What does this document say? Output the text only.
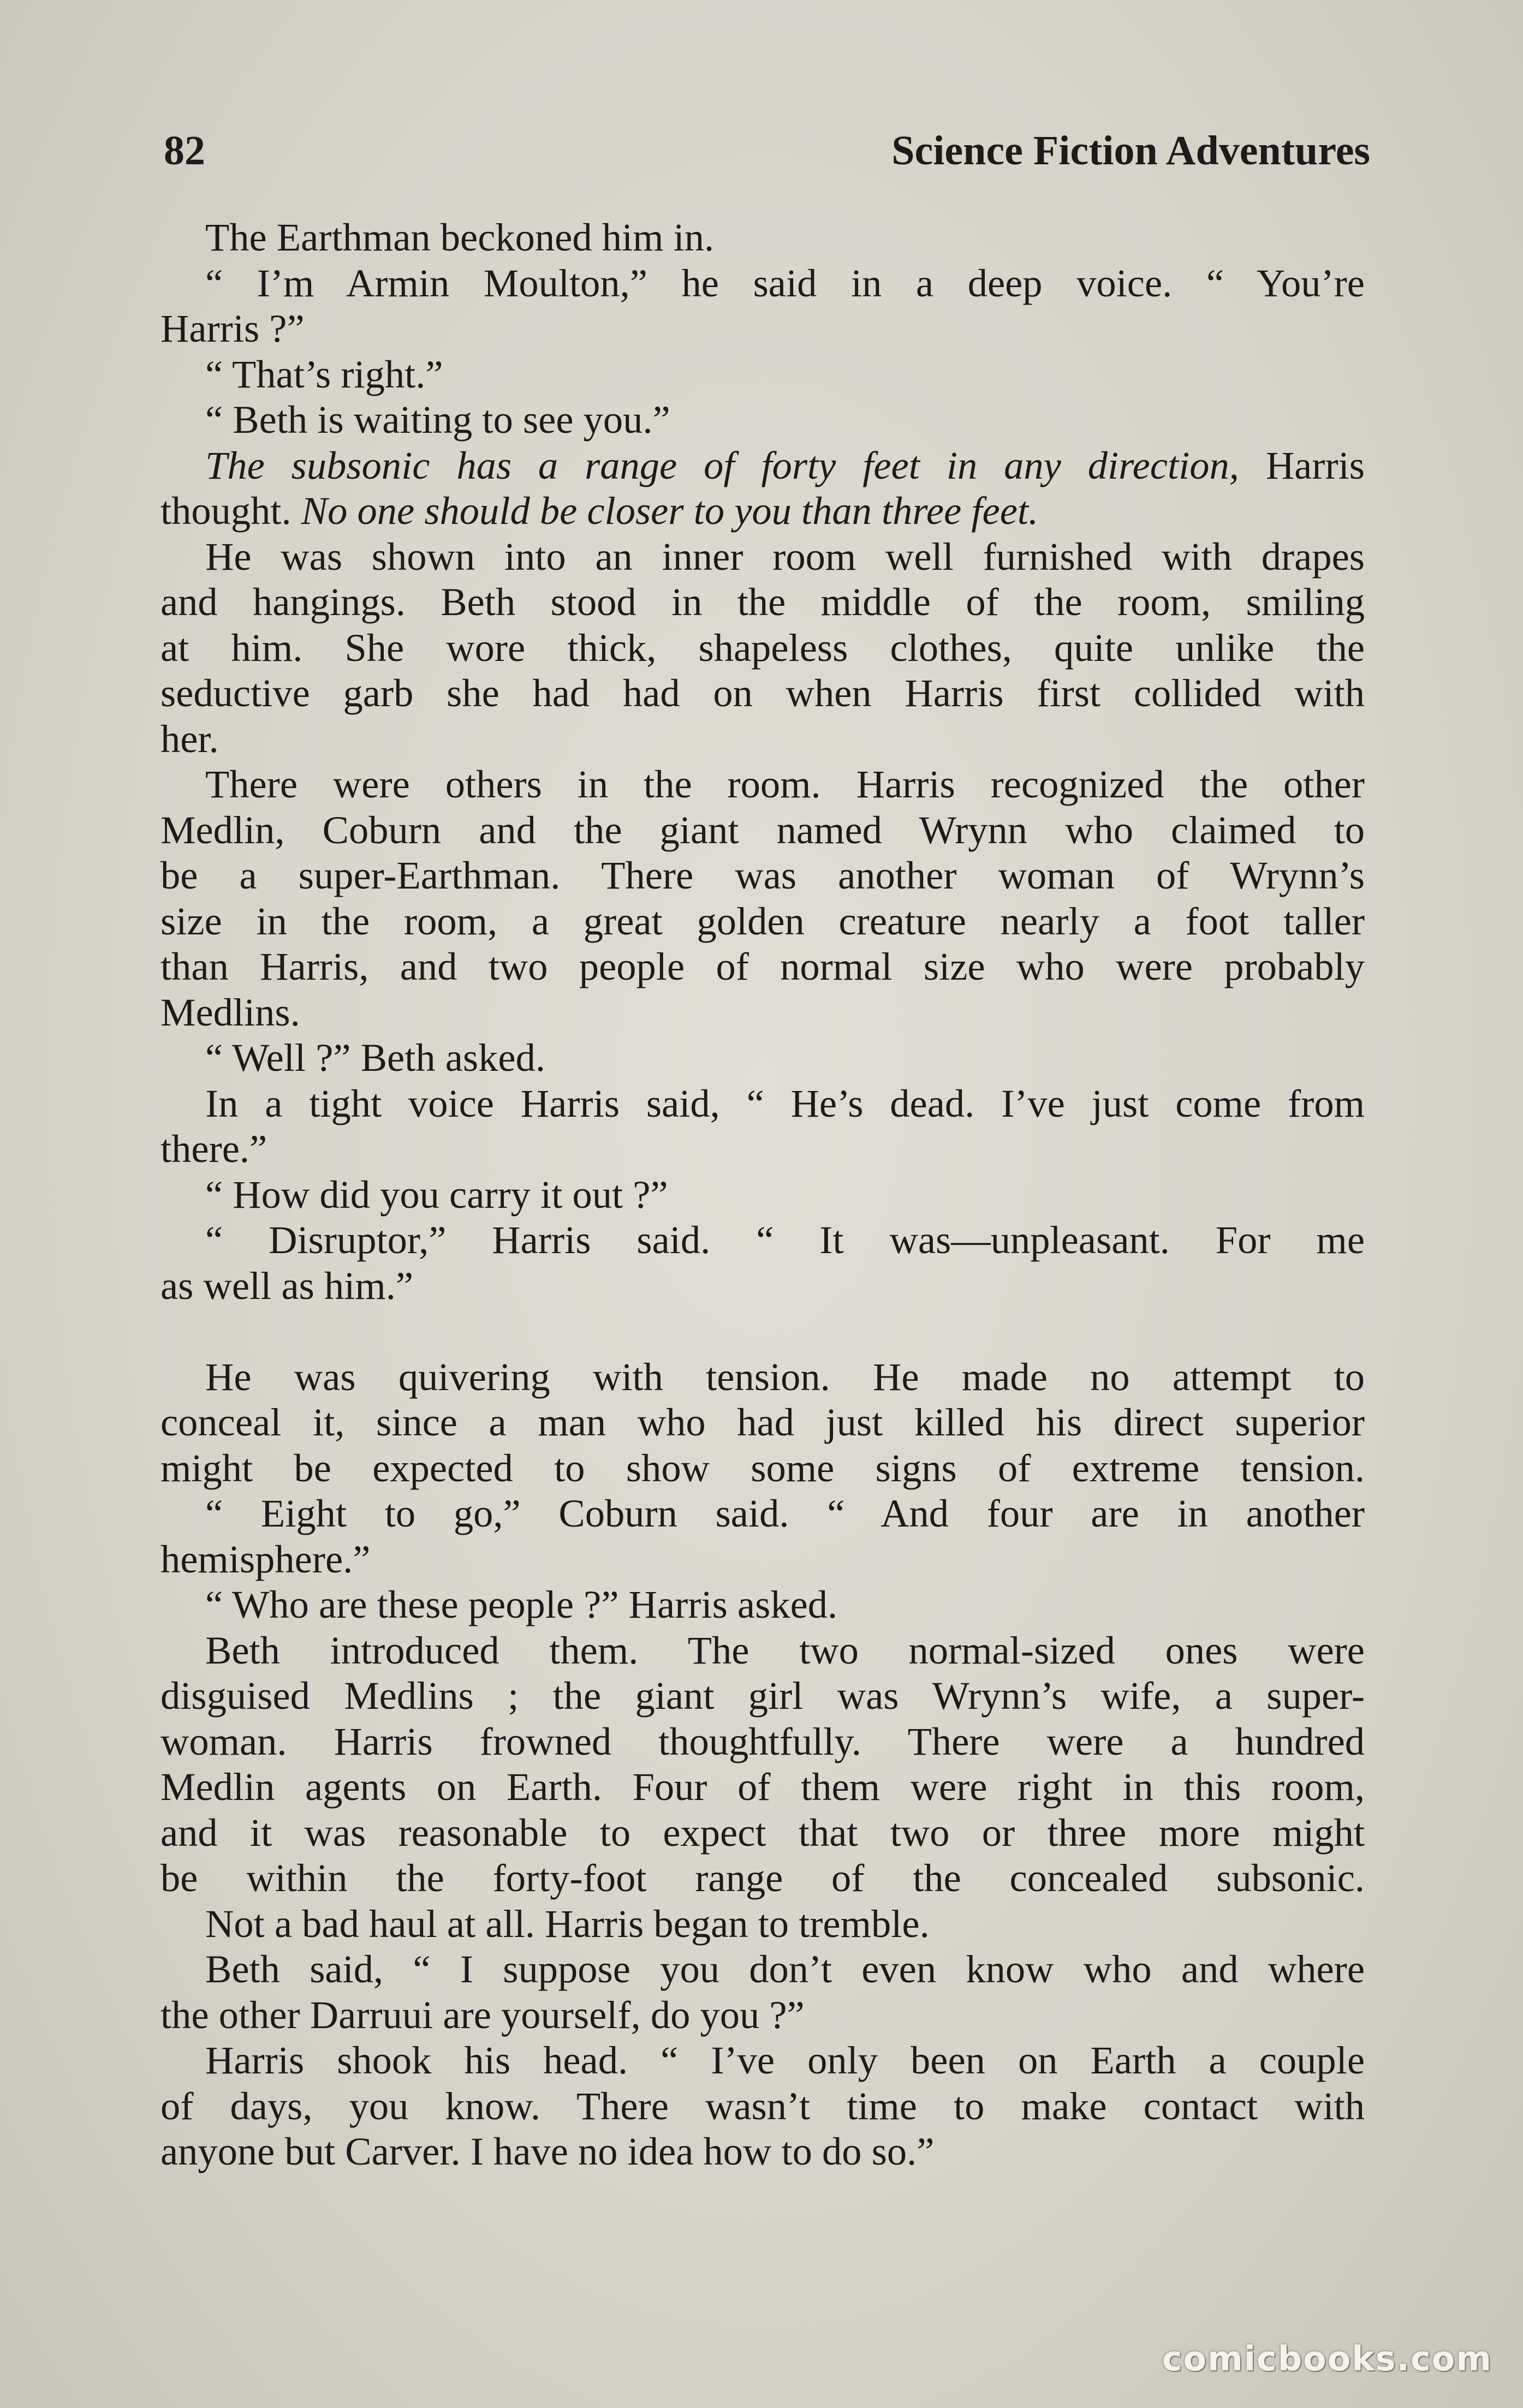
82	Science Fiction Adventures
The Earthman beckoned him in.
“ I’m Armin Moulton,” he said in a deep voice. “ You’re
Harris ?”
“ That’s right.”
“ Beth is waiting to see you.”
The subsonic has a range of forty feet in any direction, Harris
thought. No one should be closer to you than three feet.
He was shown into an inner room well furnished with drapes
and hangings. Beth stood in the middle of the room, smiling
at him. She wore thick, shapeless clothes, quite unlike the
seductive garb she had had on when Harris first collided with
her.
There were others in the room. Harris recognized the other
Medlin, Coburn and the giant named Wrynn who claimed to
be a super-Earthman. There was another woman of Wrynn’s
size in the room, a great golden creature nearly a foot taller
than Harris, and two people of normal size who were probably
Medlins.
“ Well ?” Beth asked.
In a tight voice Harris said, “ He’s dead. I’ve just come from
there.”
“ How did you carry it out ?”
“ Disruptor,” Harris said. “ It was—unpleasant. For me
as well as him.”
He was quivering with tension. He made no attempt to
conceal it, since a man who had just killed his direct superior
might be expected to show some signs of extreme tension.
“ Eight to go,” Coburn said. “ And four are in another
hemisphere.”
“ Who are these people ?” Harris asked.
Beth introduced them. The two normal-sized ones were
disguised Medlins ; the giant girl was Wrynn’s wife, a super-
woman. Harris frowned thoughtfully. There were a hundred
Medlin agents on Earth. Four of them were right in this room,
and it was reasonable to expect that two or three more might
be within the forty-foot range of the concealed subsonic.
Not a bad haul at all. Harris began to tremble.
Beth said, “ I suppose you don’t even know who and where
the other Darruui are yourself, do you ?”
Harris shook his head. “ I’ve only been on Earth a couple
of days, you know. There wasn’t time to make contact with
anyone but Carver. I have no idea how to do so.”
comicbooks.com
